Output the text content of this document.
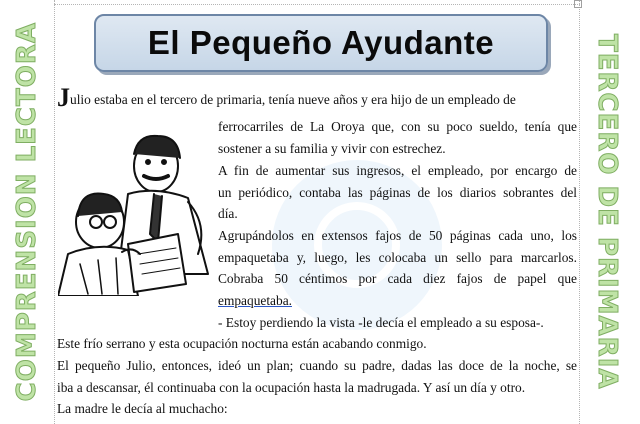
COMPRENSION LECTORA	TERCERO DE PRIMARIA
El Pequeño Ayudante
Julio estaba en el tercero de primaria, tenía nueve años y era hijo de un empleado de
ferrocarriles de La Oroya que, con su poco sueldo, tenía que
sostener a su familia y vivir con estrechez.
A fin de aumentar sus ingresos, el empleado, por encargo de
un periódico, contaba las páginas de los diarios sobrantes del
día.
Agrupándolos en extensos fajos de 50 páginas cada uno, los
empaquetaba y, luego, les colocaba un sello para marcarlos.
Cobraba 50 céntimos por cada diez fajos de papel que
empaquetaba.
- Estoy perdiendo la vista -le decía el empleado a su esposa-.
Este frío serrano y esta ocupación nocturna están acabando conmigo.
El pequeño Julio, entonces, ideó un plan; cuando su padre, dadas las doce de la noche, se
iba a descansar, él continuaba con la ocupación hasta la madrugada. Y así un día y otro.
La madre le decía al muchacho:
